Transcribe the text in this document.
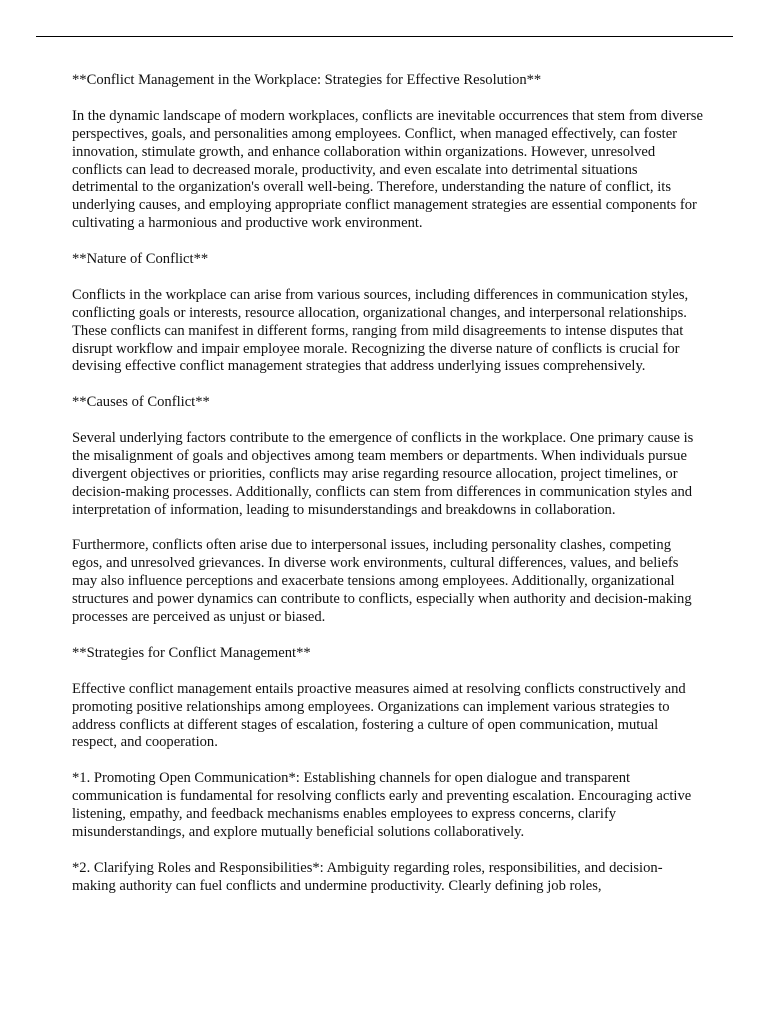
**Conflict Management in the Workplace: Strategies for Effective Resolution**

In the dynamic landscape of modern workplaces, conflicts are inevitable occurrences that stem from diverse perspectives, goals, and personalities among employees. Conflict, when managed effectively, can foster innovation, stimulate growth, and enhance collaboration within organizations. However, unresolved conflicts can lead to decreased morale, productivity, and even escalate into detrimental situations detrimental to the organization's overall well-being. Therefore, understanding the nature of conflict, its underlying causes, and employing appropriate conflict management strategies are essential components for cultivating a harmonious and productive work environment.

**Nature of Conflict**

Conflicts in the workplace can arise from various sources, including differences in communication styles, conflicting goals or interests, resource allocation, organizational changes, and interpersonal relationships. These conflicts can manifest in different forms, ranging from mild disagreements to intense disputes that disrupt workflow and impair employee morale. Recognizing the diverse nature of conflicts is crucial for devising effective conflict management strategies that address underlying issues comprehensively.

**Causes of Conflict**

Several underlying factors contribute to the emergence of conflicts in the workplace. One primary cause is the misalignment of goals and objectives among team members or departments. When individuals pursue divergent objectives or priorities, conflicts may arise regarding resource allocation, project timelines, or decision-making processes. Additionally, conflicts can stem from differences in communication styles and interpretation of information, leading to misunderstandings and breakdowns in collaboration.

Furthermore, conflicts often arise due to interpersonal issues, including personality clashes, competing egos, and unresolved grievances. In diverse work environments, cultural differences, values, and beliefs may also influence perceptions and exacerbate tensions among employees. Additionally, organizational structures and power dynamics can contribute to conflicts, especially when authority and decision-making processes are perceived as unjust or biased.

**Strategies for Conflict Management**

Effective conflict management entails proactive measures aimed at resolving conflicts constructively and promoting positive relationships among employees. Organizations can implement various strategies to address conflicts at different stages of escalation, fostering a culture of open communication, mutual respect, and cooperation.

*1. Promoting Open Communication*: Establishing channels for open dialogue and transparent communication is fundamental for resolving conflicts early and preventing escalation. Encouraging active listening, empathy, and feedback mechanisms enables employees to express concerns, clarify misunderstandings, and explore mutually beneficial solutions collaboratively.

*2. Clarifying Roles and Responsibilities*: Ambiguity regarding roles, responsibilities, and decision-making authority can fuel conflicts and undermine productivity. Clearly defining job roles,
